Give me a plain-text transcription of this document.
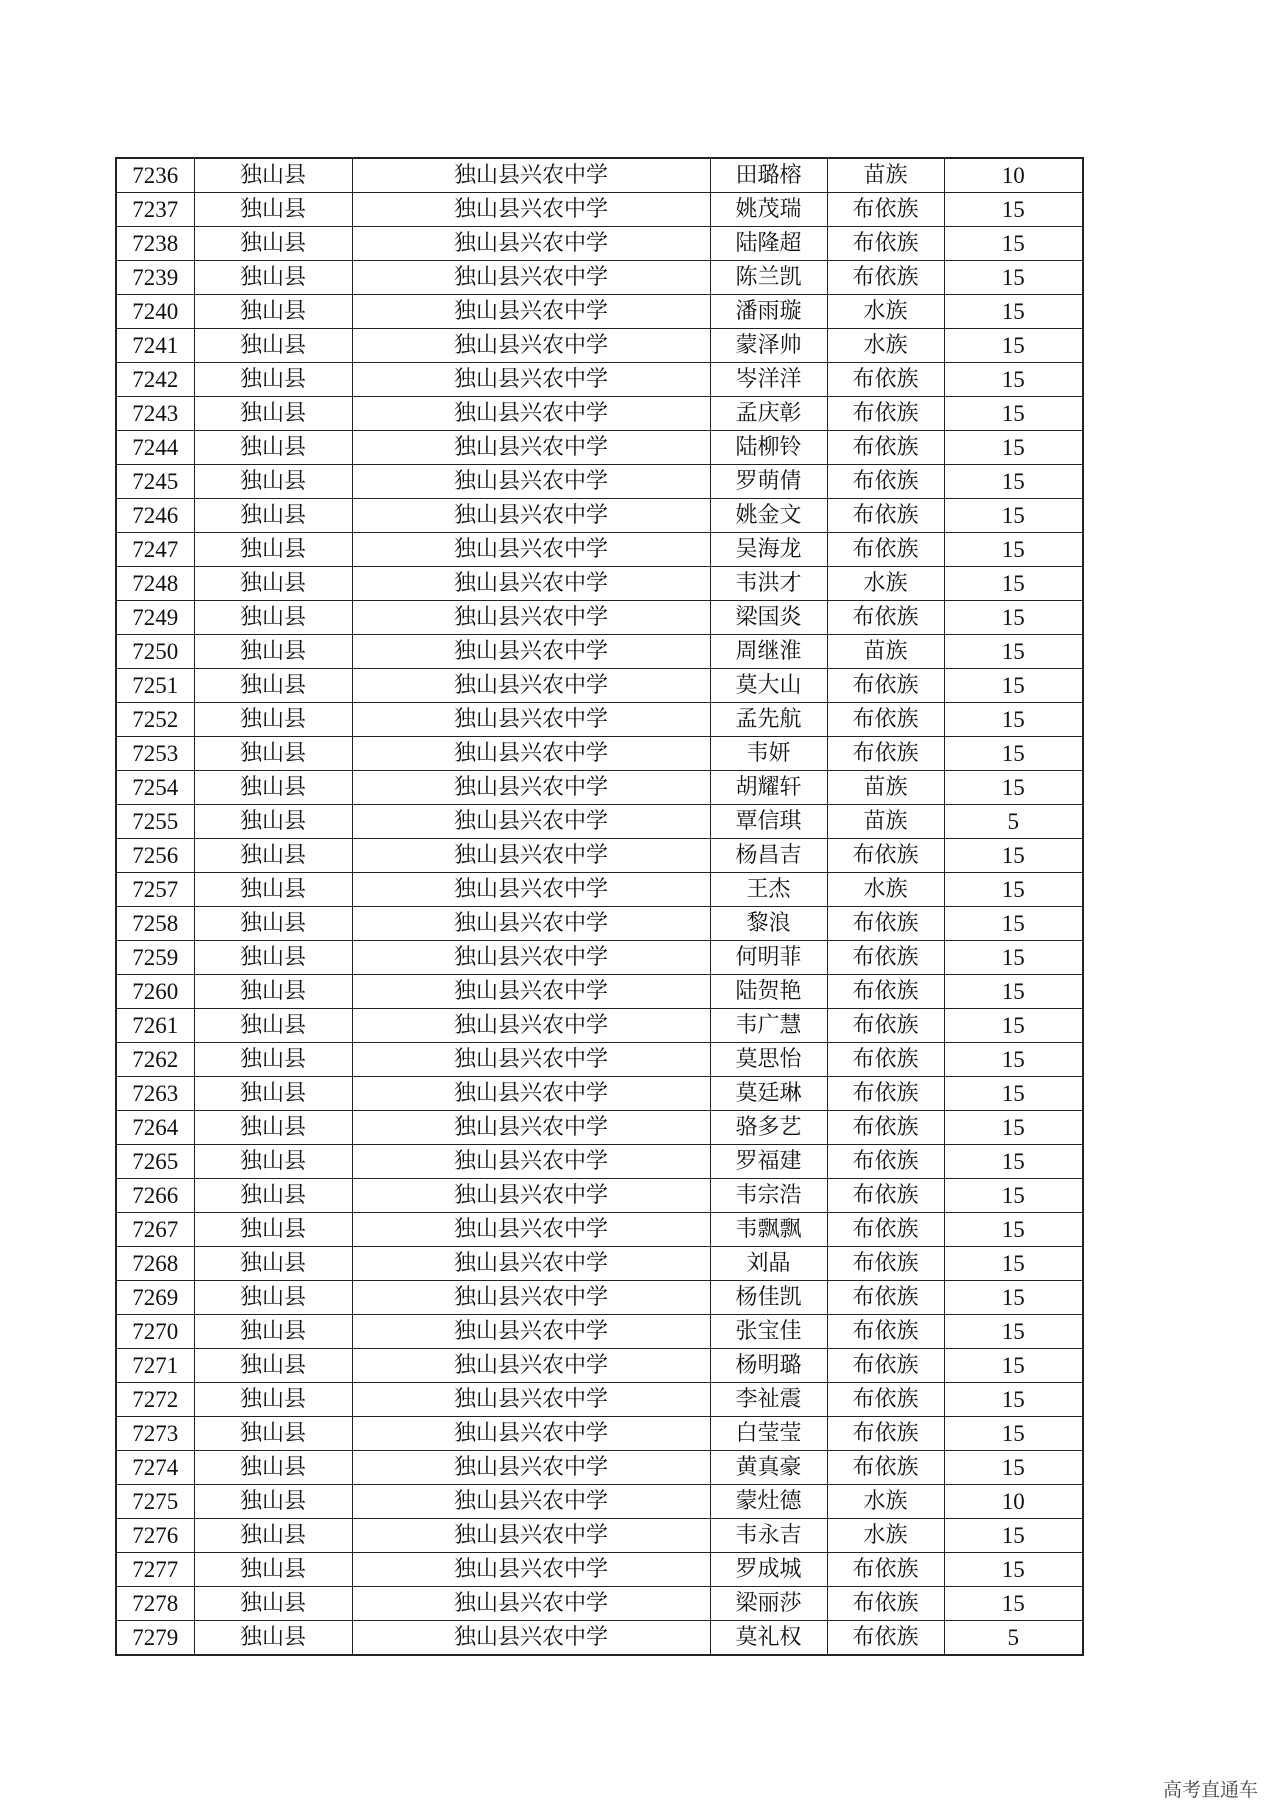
7236	独山县	独山县兴农中学	田璐榕	苗族	10
7237	独山县	独山县兴农中学	姚茂瑞	布依族	15
7238	独山县	独山县兴农中学	陆隆超	布依族	15
7239	独山县	独山县兴农中学	陈兰凯	布依族	15
7240	独山县	独山县兴农中学	潘雨璇	水族	15
7241	独山县	独山县兴农中学	蒙泽帅	水族	15
7242	独山县	独山县兴农中学	岑洋洋	布依族	15
7243	独山县	独山县兴农中学	孟庆彰	布依族	15
7244	独山县	独山县兴农中学	陆柳铃	布依族	15
7245	独山县	独山县兴农中学	罗萌倩	布依族	15
7246	独山县	独山县兴农中学	姚金文	布依族	15
7247	独山县	独山县兴农中学	吴海龙	布依族	15
7248	独山县	独山县兴农中学	韦洪才	水族	15
7249	独山县	独山县兴农中学	梁国炎	布依族	15
7250	独山县	独山县兴农中学	周继淮	苗族	15
7251	独山县	独山县兴农中学	莫大山	布依族	15
7252	独山县	独山县兴农中学	孟先航	布依族	15
7253	独山县	独山县兴农中学	韦妍	布依族	15
7254	独山县	独山县兴农中学	胡耀轩	苗族	15
7255	独山县	独山县兴农中学	覃信琪	苗族	5
7256	独山县	独山县兴农中学	杨昌吉	布依族	15
7257	独山县	独山县兴农中学	王杰	水族	15
7258	独山县	独山县兴农中学	黎浪	布依族	15
7259	独山县	独山县兴农中学	何明菲	布依族	15
7260	独山县	独山县兴农中学	陆贺艳	布依族	15
7261	独山县	独山县兴农中学	韦广慧	布依族	15
7262	独山县	独山县兴农中学	莫思怡	布依族	15
7263	独山县	独山县兴农中学	莫廷琳	布依族	15
7264	独山县	独山县兴农中学	骆多艺	布依族	15
7265	独山县	独山县兴农中学	罗福建	布依族	15
7266	独山县	独山县兴农中学	韦宗浩	布依族	15
7267	独山县	独山县兴农中学	韦飘飘	布依族	15
7268	独山县	独山县兴农中学	刘晶	布依族	15
7269	独山县	独山县兴农中学	杨佳凯	布依族	15
7270	独山县	独山县兴农中学	张宝佳	布依族	15
7271	独山县	独山县兴农中学	杨明璐	布依族	15
7272	独山县	独山县兴农中学	李祉震	布依族	15
7273	独山县	独山县兴农中学	白莹莹	布依族	15
7274	独山县	独山县兴农中学	黄真豪	布依族	15
7275	独山县	独山县兴农中学	蒙灶德	水族	10
7276	独山县	独山县兴农中学	韦永吉	水族	15
7277	独山县	独山县兴农中学	罗成城	布依族	15
7278	独山县	独山县兴农中学	梁丽莎	布依族	15
7279	独山县	独山县兴农中学	莫礼权	布依族	5
高考直通车
